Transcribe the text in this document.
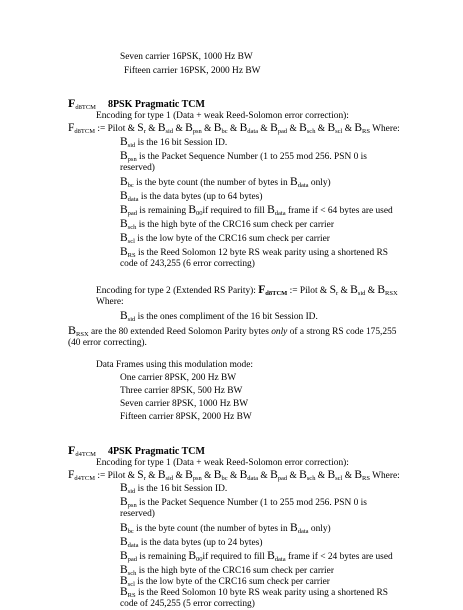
Seven carrier 16PSK, 1000 Hz BW
Fifteen carrier 16PSK, 2000 Hz BW
$F_{d8TCM}$ 8PSK Pragmatic TCM
Encoding for type 1 (Data + weak Reed-Solomon error correction):
$F_{d8TCM}$ := Pilot & $S_r$ & $B_{sid}$ & $B_{psn}$ & $B_{bc}$ & $B_{data}$ & $B_{pad}$ & $B_{sch}$ & $B_{scl}$ & $B_{RS}$ Where:
$B_{sid}$ is the 16 bit Session ID.
$B_{psn}$ is the Packet Sequence Number (1 to 255 mod 256. PSN 0 is
reserved)
$B_{bc}$ is the byte count (the number of bytes in $B_{data}$ only)
$B_{data}$ is the data bytes (up to 64 bytes)
$B_{pad}$ is remaining $B_{00}if$ required to fill $B_{data}$ frame if < 64 bytes are used
$B_{sch}$ is the high byte of the CRC16 sum check per carrier
$B_{scl}$ is the low byte of the CRC16 sum check per carrier
$B_{RS}$ is the Reed Solomon 12 byte RS weak parity using a shortened RS
code of 243,255 (6 error correcting)
Encoding for type 2 (Extended RS Parity): $F_{d8TCM}$ := Pilot & $S_r$ & $B_{sid}$ & $B_{RSX}$
Where:
$B_{sid}$ is the ones compliment of the 16 bit Session ID.
$B_{RSX}$ are the 80 extended Reed Solomon Parity bytes only of a strong RS code 175,255
(40 error correcting).
Data Frames using this modulation mode:
One carrier 8PSK, 200 Hz BW
Three carrier 8PSK, 500 Hz BW
Seven carrier 8PSK, 1000 Hz BW
Fifteen carrier 8PSK, 2000 Hz BW
$F_{d4TCM}$ 4PSK Pragmatic TCM
Encoding for type 1 (Data + weak Reed-Solomon error correction):
$F_{d4TCM}$ := Pilot & $S_r$ & $B_{sid}$ & $B_{psn}$ & $B_{bc}$ & $B_{data}$ & $B_{pad}$ & $B_{sch}$ & $B_{scl}$ & $B_{RS}$ Where:
$B_{sid}$ is the 16 bit Session ID.
$B_{psn}$ is the Packet Sequence Number (1 to 255 mod 256. PSN 0 is
reserved)
$B_{bc}$ is the byte count (the number of bytes in $B_{data}$ only)
$B_{data}$ is the data bytes (up to 24 bytes)
$B_{pad}$ is remaining $B_{00}if$ required to fill $B_{data}$ frame if < 24 bytes are used
$B_{sch}$ is the high byte of the CRC16 sum check per carrier
$B_{scl}$ is the low byte of the CRC16 sum check per carrier
$B_{RS}$ is the Reed Solomon 10 byte RS weak parity using a shortened RS
code of 245,255 (5 error correcting)
